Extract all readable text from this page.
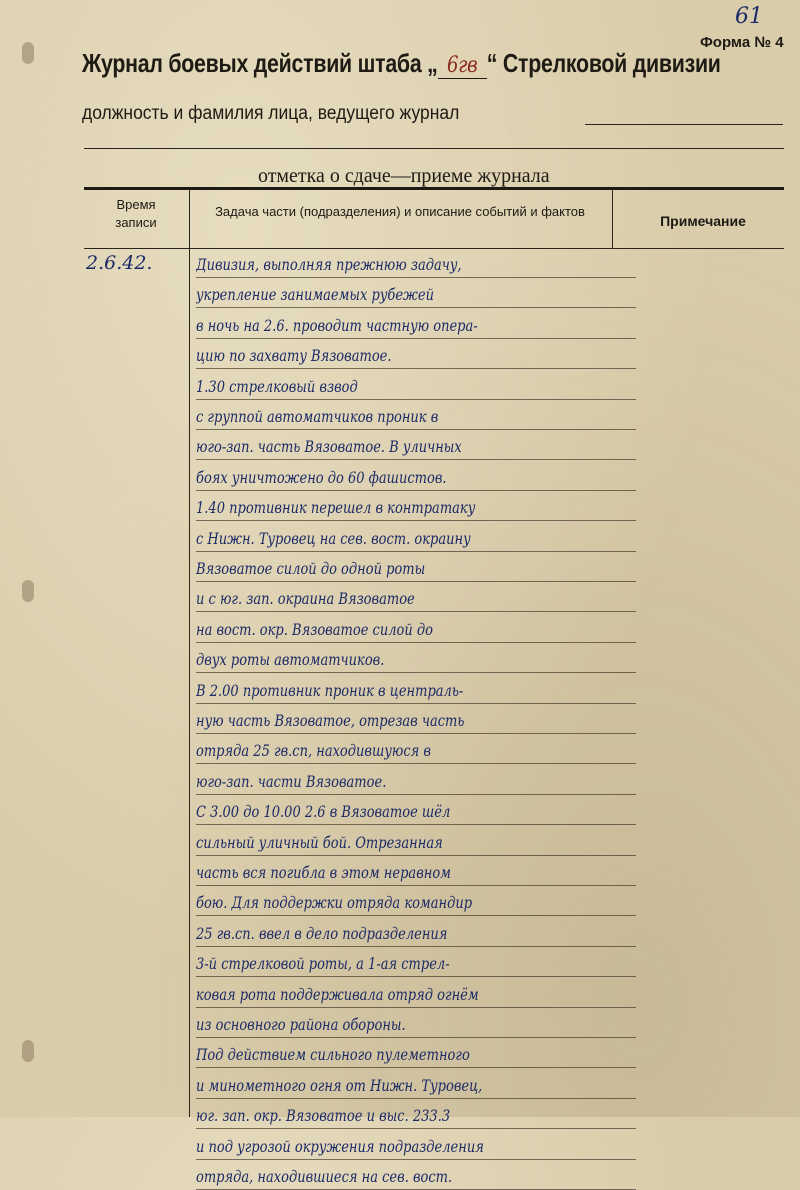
61
Форма № 4
Журнал боевых действий штаба „ 6гв “ Стрелковой дивизии
должность и фамилия лица, ведущего журнал
отметка о сдаче—приеме журнала
Время записи
Задача части (подразделения) и описание событий и фактов
Примечание
2.6.42.	Дивизия, выполняя прежнюю задачу,
укрепление занимаемых рубежей
в ночь на 2.6. проводит частную опера-
цию по захвату Вязоватое.
1.30 стрелковый взвод
с группой автоматчиков проник в
юго-зап. часть Вязоватое. В уличных
боях уничтожено до 60 фашистов.
1.40 противник перешел в контратаку
с Нижн. Туровец на сев. вост. окраину
Вязоватое силой до одной роты
и с юг. зап. окраина Вязоватое
на вост. окр. Вязоватое силой до
двух роты автоматчиков.
В 2.00 противник проник в централь-
ную часть Вязоватое, отрезав часть
отряда 25 гв.сп, находившуюся в
юго-зап. части Вязоватое.
С 3.00 до 10.00 2.6 в Вязоватое шёл
сильный уличный бой. Отрезанная
часть вся погибла в этом неравном
бою. Для поддержки отряда командир
25 гв.сп. ввел в дело подразделения
3-й стрелковой роты, а 1-ая стрел-
ковая рота поддерживала отряд огнём
из основного района обороны.
Под действием сильного пулеметного
и минометного огня от Нижн. Туровец,
юг. зап. окр. Вязоватое и выс. 233.3
и под угрозой окружения подразделения
отряда, находившиеся на сев. вост.
